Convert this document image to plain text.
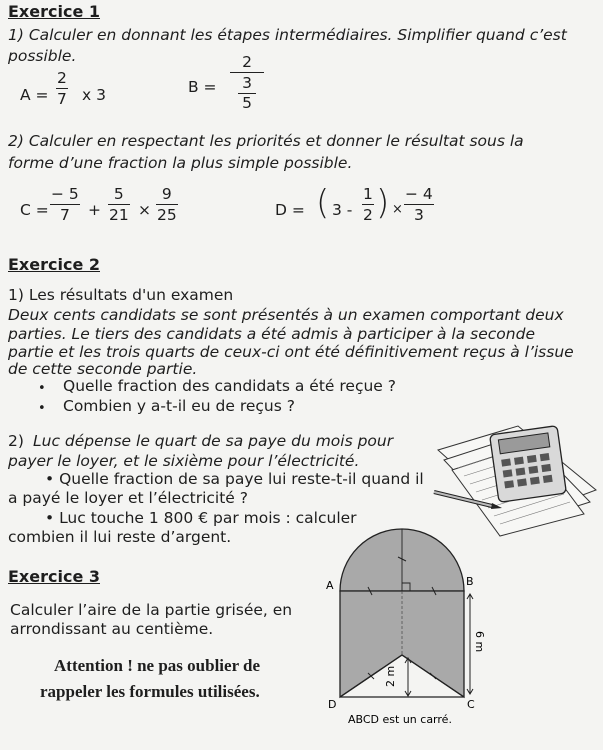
Exercice 1
1) Calculer en donnant les étapes intermédiaires. Simplifier quand c’est
possible.
A =
2
7 x 3	B =
2
3
5
2) Calculer en respectant les priorités et donner le résultat sous la
forme d’une fraction la plus simple possible.
C =
− 5
7 +
5
21 ×
9
25	D = ( 3 -
1
2 ) ×
− 4
3
Exercice 2
1) Les résultats d'un examen
Deux cents candidats se sont présentés à un examen comportant deux
parties. Le tiers des candidats a été admis à participer à la seconde
partie et les trois quarts de ceux-ci ont été définitivement reçus à l’issue
de cette seconde partie.
• Quelle fraction des candidats a été reçue ?
• Combien y a-t-il eu de reçus ?
2) Luc dépense le quart de sa paye du mois pour
payer le loyer, et le sixième pour l’électricité.
• Quelle fraction de sa paye lui reste-t-il quand il
a payé le loyer et l’électricité ?
• Luc touche 1 800 € par mois : calculer
combien il lui reste d’argent.
Exercice 3
Calculer l’aire de la partie grisée, en
arrondissant au centième.
Attention ! ne pas oublier de
rappeler les formules utilisées.
A	B
C
D
2 m
6 m
ABCD est un carré.
